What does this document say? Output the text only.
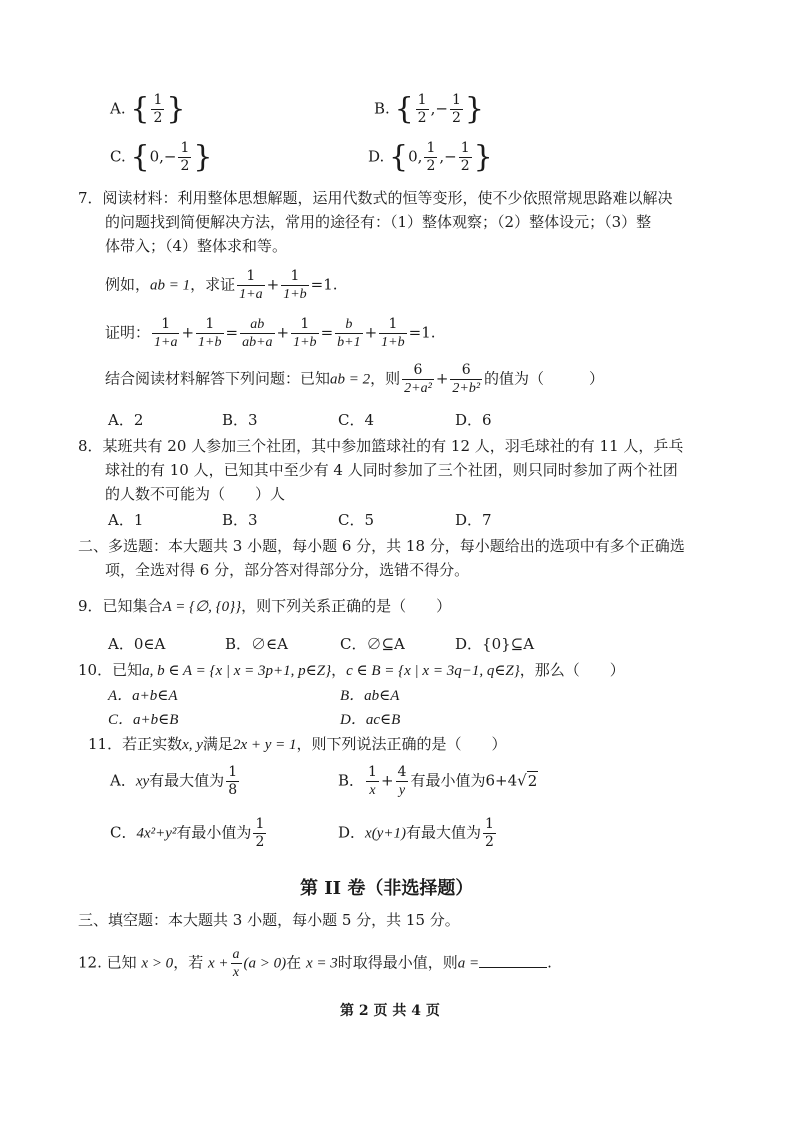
A. { $\frac{1}{2}$ }	B. { $\frac{1}{2}$ ,− $\frac{1}{2}$ }
C. {$0,- \frac{1}{2}$ }	D. {0, $\frac{1}{2}$ ,− $\frac{1}{2}$ }
7．阅读材料：利用整体思想解题，运用代数式的恒等变形，使不少依照常规思路难以解决
的问题找到简便解决方法，常用的途径有：（1）整体观察；（2）整体设元；（3）整
体带入；（4）整体求和等。
例如，ab = 1，求证 $\frac{1}{1+a} + \frac{1}{1+b} =1$.
证明： $\frac{1}{1+a} + \frac{1}{1+b} = \frac{ab}{ab+a} + \frac{1}{1+b} = \frac{b}{b+1} + \frac{1}{1+b} =1$.
结合阅读材料解答下列问题：已知ab = 2，则 $\frac{6}{\text{2+a²}} + \frac{6}{\text{2+b²}}$ 的值为（　　　）
A．2	B．3	C．4	D．6
8．某班共有 20 人参加三个社团，其中参加篮球社的有 12 人，羽毛球社的有 11 人，乒乓
球社的有 10 人，已知其中至少有 4 人同时参加了三个社团，则只同时参加了两个社团
的人数不可能为（　　）人
A．1	B．3	C．5	D．7
二、多选题：本大题共 3 小题，每小题 6 分，共 18 分，每小题给出的选项中有多个正确选
项，全选对得 6 分，部分答对得部分分，选错不得分。
9．已知集合A = {∅, {0}}，则下列关系正确的是（　　）
A．0∈A	B．∅∈A	C．∅⊆A	D．{0}⊆A
10．已知a, b ∈ A = {x | x = 3p+1, p∈Z}，c ∈ B = {x | x = 3q−1, q∈Z}，那么（　　）
A．a+b∈A	B．ab∈A
C．a+b∈B	D．ac∈B
11．若正实数x, y满足2x + y = 1，则下列说法正确的是（　　）
A．xy有最大值为 $\frac{1}{8}$	B． $\frac{1}{x} + \frac{4}{y}$ 有最小值为6+4√2
C．4x²+y²有最小值为 $\frac{1}{2}$	D．x(y+1)有最大值为 $\frac{1}{2}$
第 II 卷（非选择题）
三、填空题：本大题共 3 小题，每小题 5 分，共 15 分。
12. 已知 x > 0，若 $x + \frac{a}{x} (a > 0)$在 x = 3时取得最小值，则a =	.
第 2 页 共 4 页
